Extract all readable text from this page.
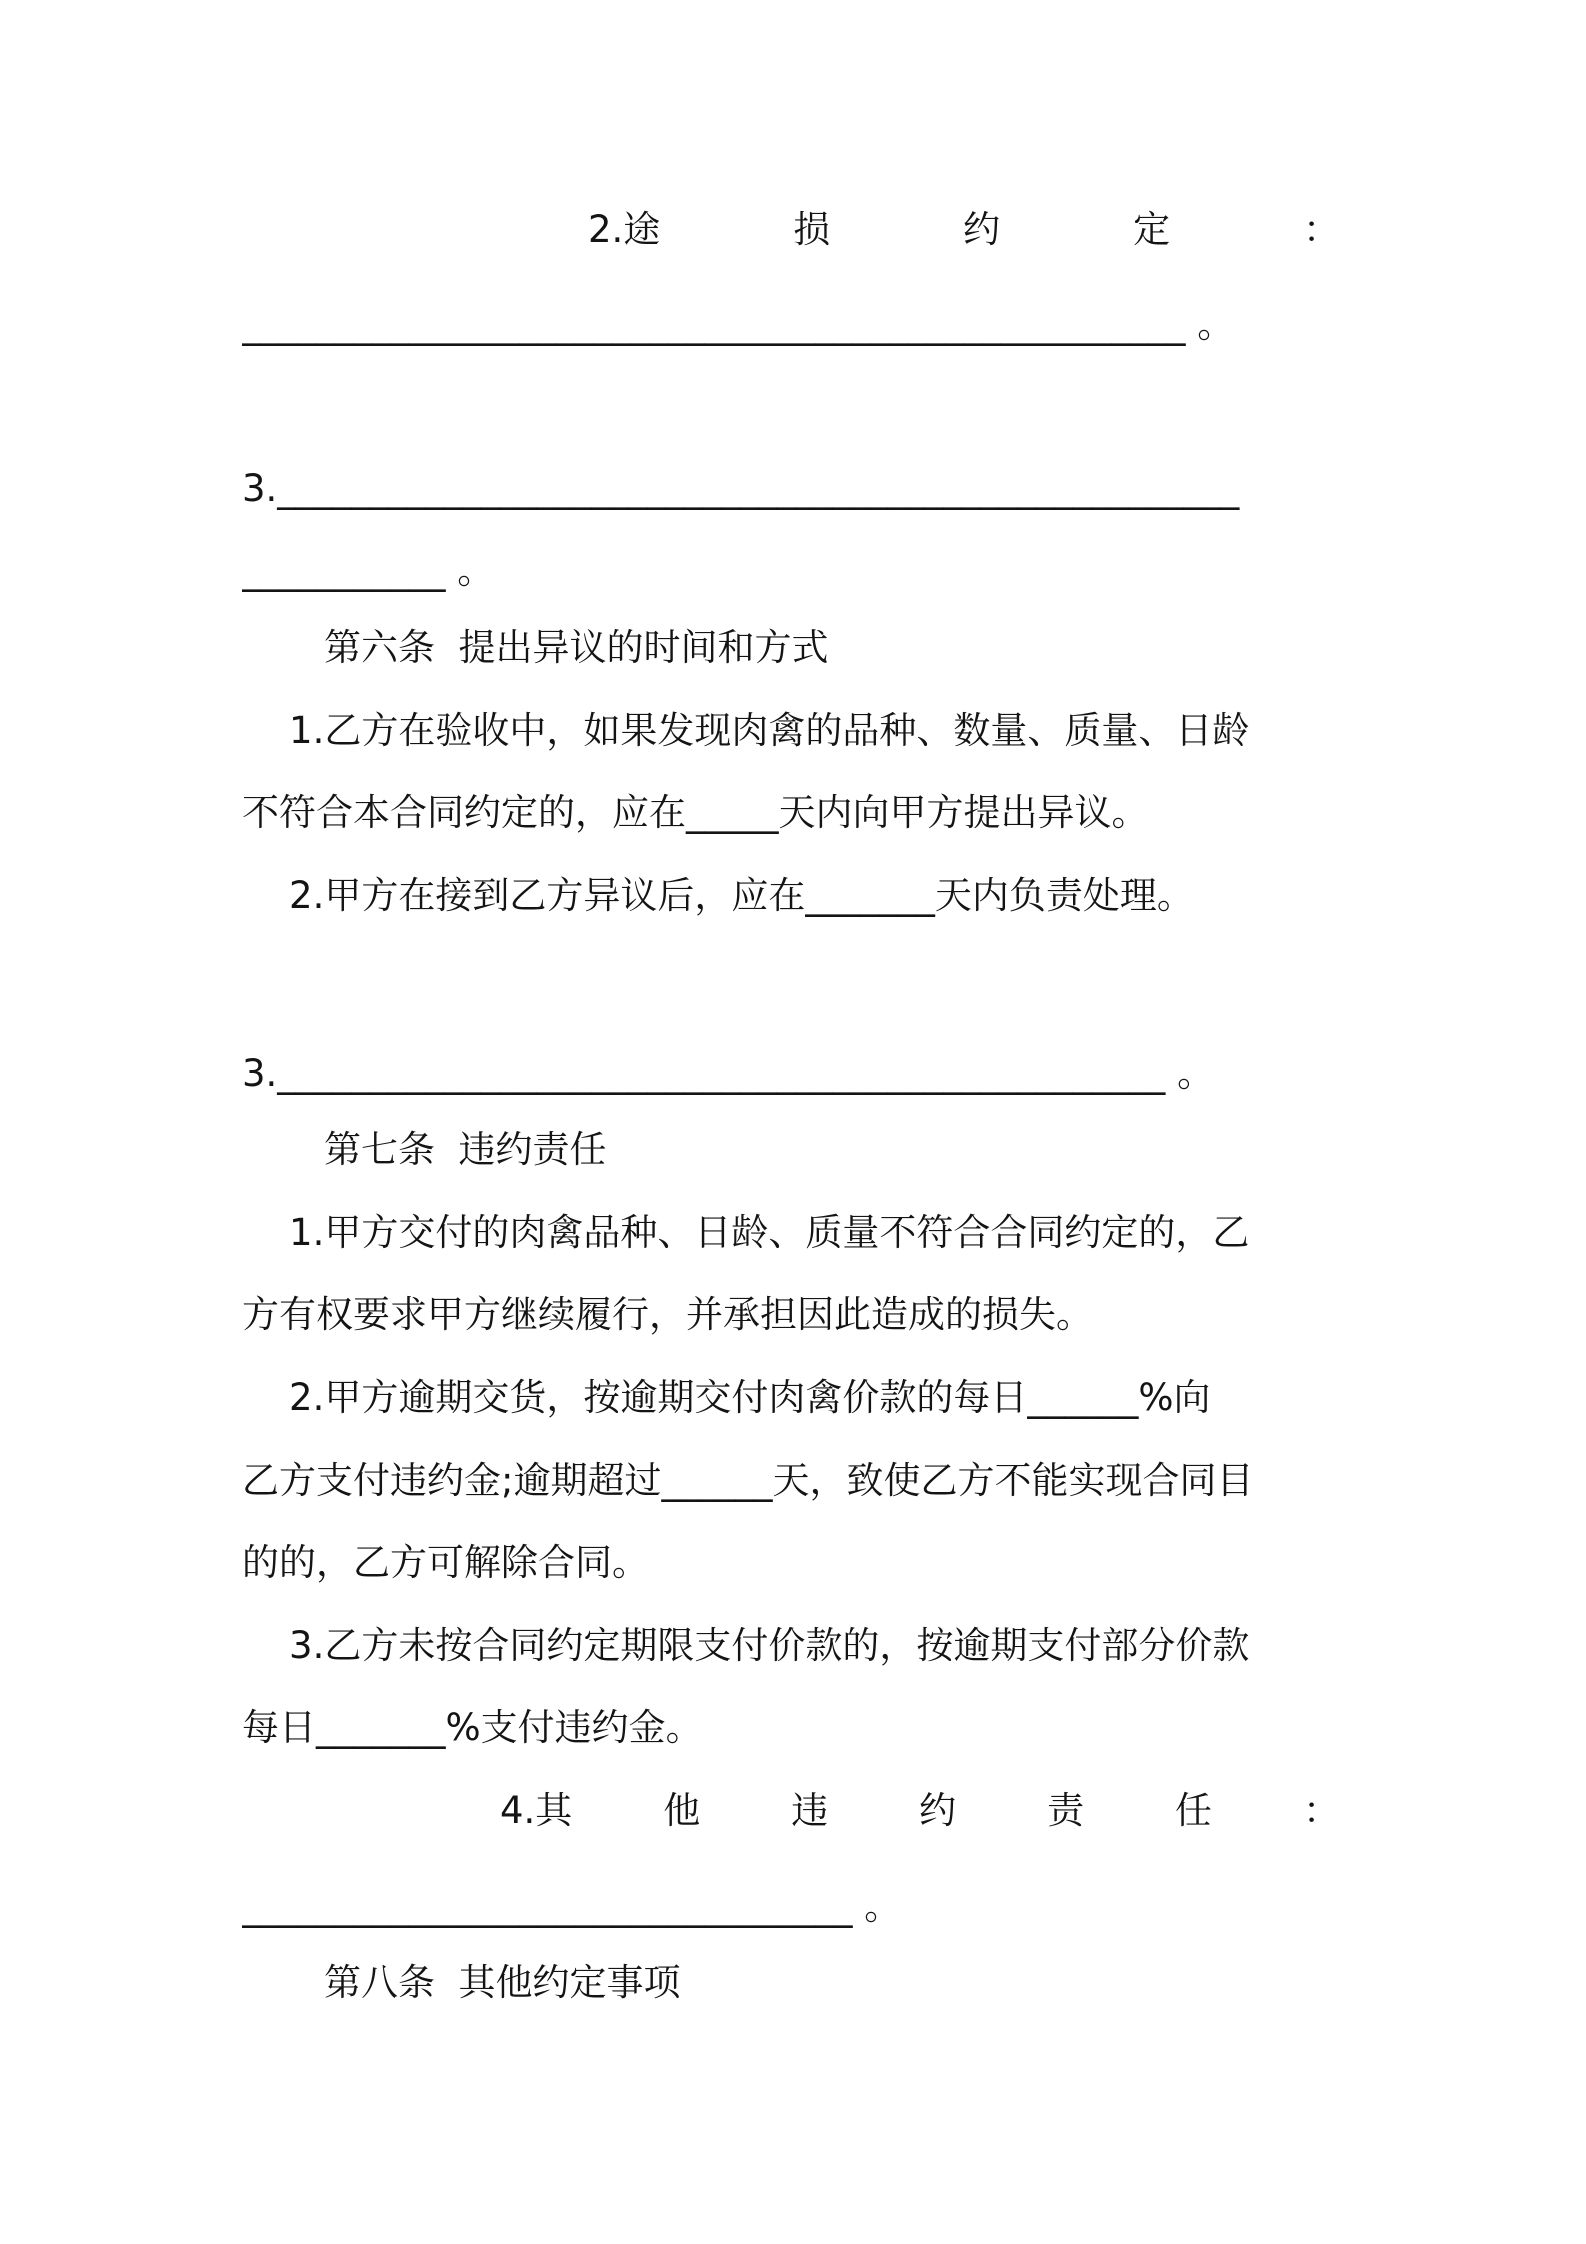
2.途	损	约	定	：
___________________________________________________ 。
3.____________________________________________________
___________ 。
第六条  提出异议的时间和方式
1.乙方在验收中，如果发现肉禽的品种、数量、质量、日龄
不符合本合同约定的，应在_____天内向甲方提出异议。
2.甲方在接到乙方异议后，应在_______天内负责处理。
3.________________________________________________ 。
第七条  违约责任
1.甲方交付的肉禽品种、日龄、质量不符合合同约定的，乙
方有权要求甲方继续履行，并承担因此造成的损失。
2.甲方逾期交货，按逾期交付肉禽价款的每日______%向
乙方支付违约金;逾期超过______天，致使乙方不能实现合同目
的的，乙方可解除合同。
3.乙方未按合同约定期限支付价款的，按逾期支付部分价款
每日_______%支付违约金。
4.其 他 违 约 责 任 ：
_________________________________ 。
第八条  其他约定事项
